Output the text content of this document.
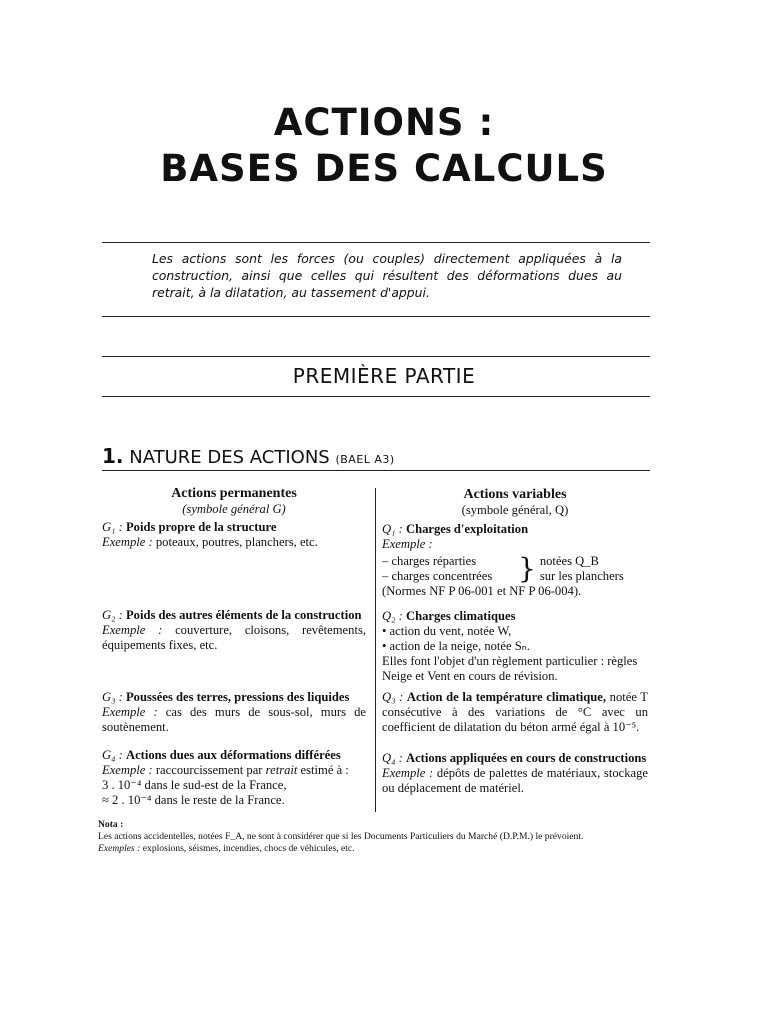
ACTIONS :
BASES DES CALCULS
Les actions sont les forces (ou couples) directement appliquées à la construction, ainsi que celles qui résultent des déformations dues au retrait, à la dilatation, au tassement d'appui.
PREMIÈRE PARTIE
1. NATURE DES ACTIONS (BAEL A3)
Actions permanentes
(symbole général G)
G₁ : Poids propre de la structure
Exemple : poteaux, poutres, planchers, etc.
G₂ : Poids des autres éléments de la construction
Exemple : couverture, cloisons, revêtements, équipements fixes, etc.
G₃ : Poussées des terres, pressions des liquides
Exemple : cas des murs de sous-sol, murs de soutènement.
G₄ : Actions dues aux déformations différées
Exemple : raccourcissement par retrait estimé à :
3 . 10⁻⁴ dans le sud-est de la France,
≈ 2 . 10⁻⁴ dans le reste de la France.
Actions variables
(symbole général, Q)
Q₁ : Charges d'exploitation
Exemple :
– charges réparties
– charges concentrées } notées Q_B
sur les planchers
(Normes NF P 06-001 et NF P 06-004).
Q₂ : Charges climatiques
• action du vent, notée W,
• action de la neige, notée Sₙ.
Elles font l'objet d'un règlement particulier : règles Neige et Vent en cours de révision.
Q₃ : Action de la température climatique, notée T consécutive à des variations de °C avec un coefficient de dilatation du béton armé égal à 10⁻⁵.
Q₄ : Actions appliquées en cours de constructions
Exemple : dépôts de palettes de matériaux, stockage ou déplacement de matériel.
Nota :
Les actions accidentelles, notées F_A, ne sont à considérer que si les Documents Particuliers du Marché (D.P.M.) le prévoient.
Exemples : explosions, séismes, incendies, chocs de véhicules, etc.
